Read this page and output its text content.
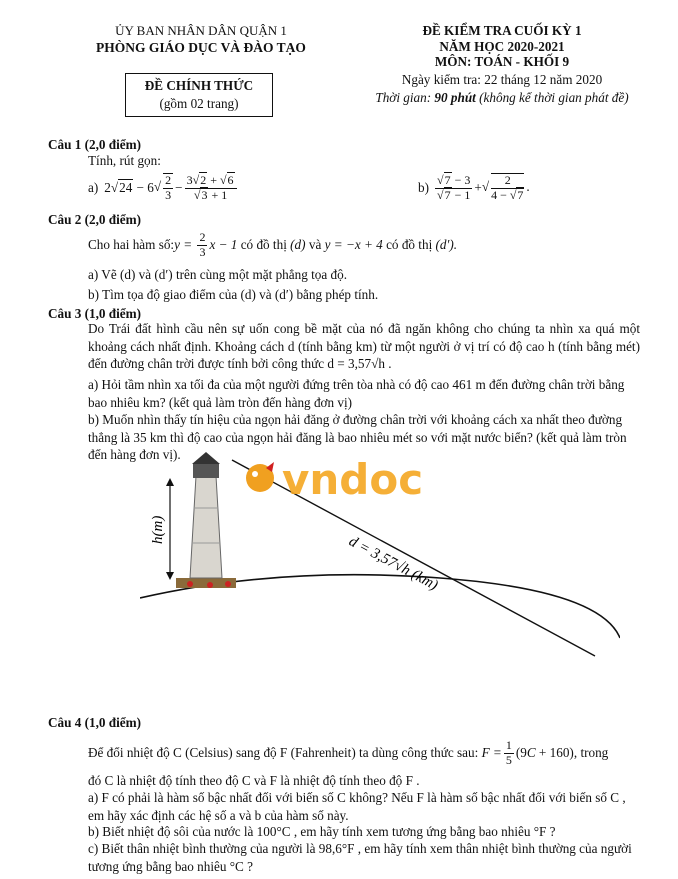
ỦY BAN NHÂN DÂN QUẬN 1
PHÒNG GIÁO DỤC VÀ ĐÀO TẠO
ĐỀ CHÍNH THỨC
(gồm 02 trang)
ĐỀ KIỂM TRA CUỐI KỲ 1
NĂM HỌC 2020-2021
MÔN: TOÁN - KHỐI 9
Ngày kiểm tra: 22 tháng 12 năm 2020
Thời gian: 90 phút (không kể thời gian phát đề)
Câu 1 (2,0 điểm)
Tính, rút gọn:
a) 2√24 − 6 √ $\frac{2}{3} - \frac{3√2 + √6}{√3 + 1}$	$b) \frac{√7 - 3}{√7 - 1}$ + √ $\frac{2}{4 - √7}$ .
Câu 2 (2,0 điểm)
Cho hai hàm số: $y = \frac{2}{3}$ x − 1 có đồ thị (d) và y = −x + 4 có đồ thị (d′).
a) Vẽ (d) và (d′) trên cùng một mặt phẳng tọa độ.
b) Tìm tọa độ giao điểm của (d) và (d′) bằng phép tính.
Câu 3 (1,0 điểm)
Do Trái đất hình cầu nên sự uốn cong bề mặt của nó đã ngăn không cho chúng ta nhìn xa quá một khoảng cách nhất định. Khoảng cách d (tính bằng km) từ một người ở vị trí có độ cao h (tính bằng mét) đến đường chân trời được tính bởi công thức d = 3,57√h .
a) Hỏi tầm nhìn xa tối đa của một người đứng trên tòa nhà có độ cao 461 m đến đường chân trời bằng bao nhiêu km? (kết quả làm tròn đến hàng đơn vị)
b) Muốn nhìn thấy tín hiệu của ngọn hải đăng ở đường chân trời với khoảng cách xa nhất theo đường thẳng là 35 km thì độ cao của ngọn hải đăng là bao nhiêu mét so với mặt nước biển? (kết quả làm tròn đến hàng đơn vị).
h(m)
d = 3,57√h (km)
vndoc
Câu 4 (1,0 điểm)
Để đổi nhiệt độ C (Celsius) sang độ F (Fahrenheit) ta dùng công thức sau: $F = \frac{1}{5} (9C + 160)$ , trong
đó C là nhiệt độ tính theo độ C và F là nhiệt độ tính theo độ F .
a) F có phải là hàm số bậc nhất đối với biến số C không? Nếu F là hàm số bậc nhất đối với biến số C , em hãy xác định các hệ số a và b của hàm số này.
b) Biết nhiệt độ sôi của nước là 100°C , em hãy tính xem tương ứng bằng bao nhiêu °F ?
c) Biết thân nhiệt bình thường của người là 98,6°F , em hãy tính xem thân nhiệt bình thường của người tương ứng bằng bao nhiêu °C ?
